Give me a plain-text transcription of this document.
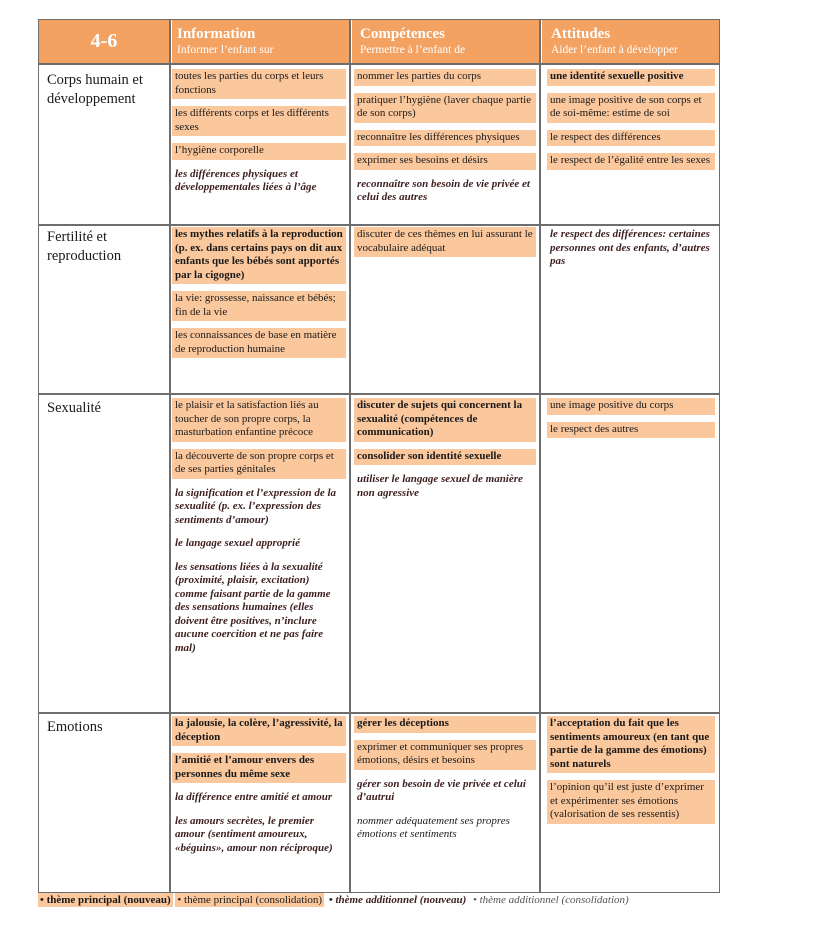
4-6	Information
Informer l’enfant sur
Compétences
Permettre à l’enfant de
Attitudes
Aider l’enfant à développer
Corps humain et développement
Fertilité et reproduction
Sexualité
Emotions
toutes les parties du corps et leurs fonctions
les différents corps et les différents sexes
l’hygiène corporelle
les différences physiques et développementales liées à l’âge
nommer les parties du corps
pratiquer l’hygiène (laver chaque partie de son corps)
reconnaître les différences physiques
exprimer ses besoins et désirs
reconnaître son besoin de vie privée et celui des autres
une identité sexuelle positive
une image positive de son corps et de soi-même: estime de soi
le respect des différences
le respect de l’égalité entre les sexes
les mythes relatifs à la reproduction (p. ex. dans certains pays on dit aux enfants que les bébés sont apportés par la cigogne)
la vie: grossesse, naissance et bébés; fin de la vie
les connaissances de base en matière de reproduction humaine
discuter de ces thèmes en lui assurant le vocabulaire adéquat
le respect des différences: certaines personnes ont des enfants, d’autres pas
le plaisir et la satisfaction liés au toucher de son propre corps, la masturbation enfantine précoce
la découverte de son propre corps et de ses parties génitales
la signification et l’expression de la sexualité (p. ex. l’expression des sentiments d’amour)
le langage sexuel approprié
les sensations liées à la sexualité (proximité, plaisir, excitation) comme faisant partie de la gamme des sensations humaines (elles doivent être positives, n’inclure aucune coercition et ne pas faire mal)
discuter de sujets qui concernent la sexualité (compétences de communication)
consolider son identité sexuelle
utiliser le langage sexuel de manière non agressive
une image positive du corps
le respect des autres
la jalousie, la colère, l’agressivité, la déception
l’amitié et l’amour envers des personnes du même sexe
la différence entre amitié et amour
les amours secrètes, le premier amour (sentiment amoureux, «béguins», amour non réciproque)
gérer les déceptions
exprimer et communiquer ses propres émotions, désirs et besoins
gérer son besoin de vie privée et celui d’autrui
nommer adéquatement ses propres émotions et sentiments
l’acceptation du fait que les sentiments amoureux (en tant que partie de la gamme des émotions) sont naturels
l’opinion qu’il est juste d’exprimer et expérimenter ses émotions (valorisation de ses ressentis)
• thème principal (nouveau) • thème principal (consolidation) • thème additionnel (nouveau) • thème additionnel (consolidation)
